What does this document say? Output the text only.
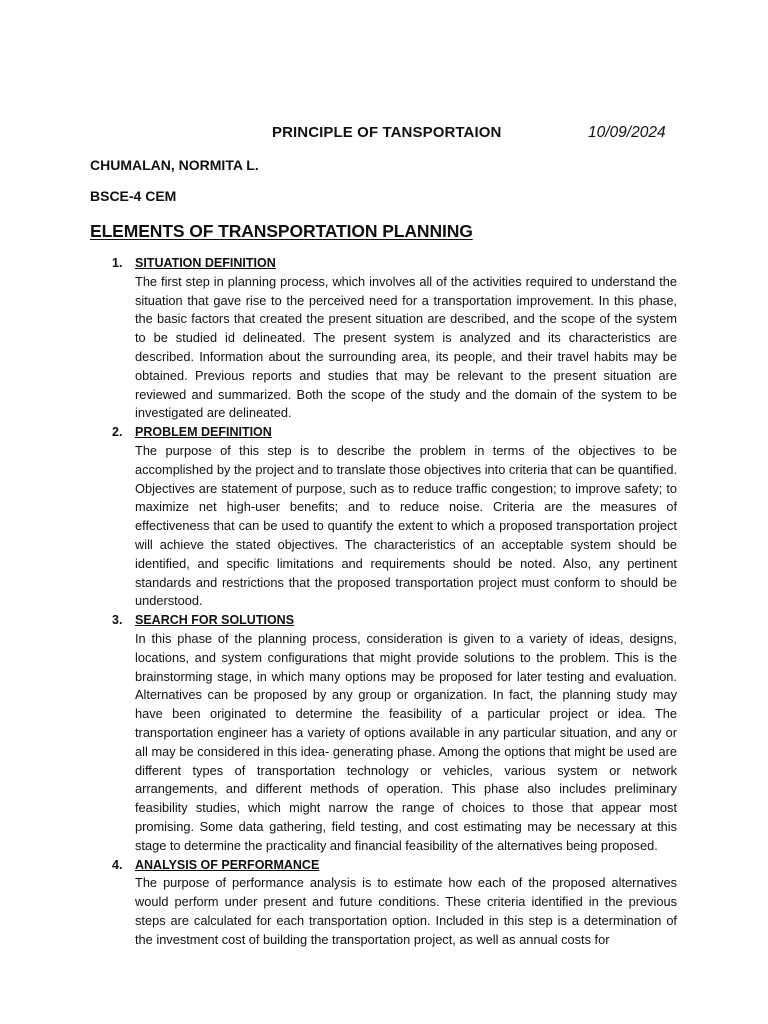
PRINCIPLE OF TANSPORTAION	10/09/2024
CHUMALAN, NORMITA L.
BSCE-4 CEM
ELEMENTS OF TRANSPORTATION PLANNING
1. SITUATION DEFINITION

The first step in planning process, which involves all of the activities required to understand the situation that gave rise to the perceived need for a transportation improvement. In this phase, the basic factors that created the present situation are described, and the scope of the system to be studied id delineated. The present system is analyzed and its characteristics are described. Information about the surrounding area, its people, and their travel habits may be obtained. Previous reports and studies that may be relevant to the present situation are reviewed and summarized. Both the scope of the study and the domain of the system to be investigated are delineated.

2. PROBLEM DEFINITION

The purpose of this step is to describe the problem in terms of the objectives to be accomplished by the project and to translate those objectives into criteria that can be quantified. Objectives are statement of purpose, such as to reduce traffic congestion; to improve safety; to maximize net high-user benefits; and to reduce noise. Criteria are the measures of effectiveness that can be used to quantify the extent to which a proposed transportation project will achieve the stated objectives. The characteristics of an acceptable system should be identified, and specific limitations and requirements should be noted. Also, any pertinent standards and restrictions that the proposed transportation project must conform to should be understood.

3. SEARCH FOR SOLUTIONS

In this phase of the planning process, consideration is given to a variety of ideas, designs, locations, and system configurations that might provide solutions to the problem. This is the brainstorming stage, in which many options may be proposed for later testing and evaluation. Alternatives can be proposed by any group or organization. In fact, the planning study may have been originated to determine the feasibility of a particular project or idea. The transportation engineer has a variety of options available in any particular situation, and any or all may be considered in this idea- generating phase. Among the options that might be used are different types of transportation technology or vehicles, various system or network arrangements, and different methods of operation. This phase also includes preliminary feasibility studies, which might narrow the range of choices to those that appear most promising. Some data gathering, field testing, and cost estimating may be necessary at this stage to determine the practicality and financial feasibility of the alternatives being proposed.

4. ANALYSIS OF PERFORMANCE

The purpose of performance analysis is to estimate how each of the proposed alternatives would perform under present and future conditions. These criteria identified in the previous steps are calculated for each transportation option. Included in this step is a determination of the investment cost of building the transportation project, as well as annual costs for
